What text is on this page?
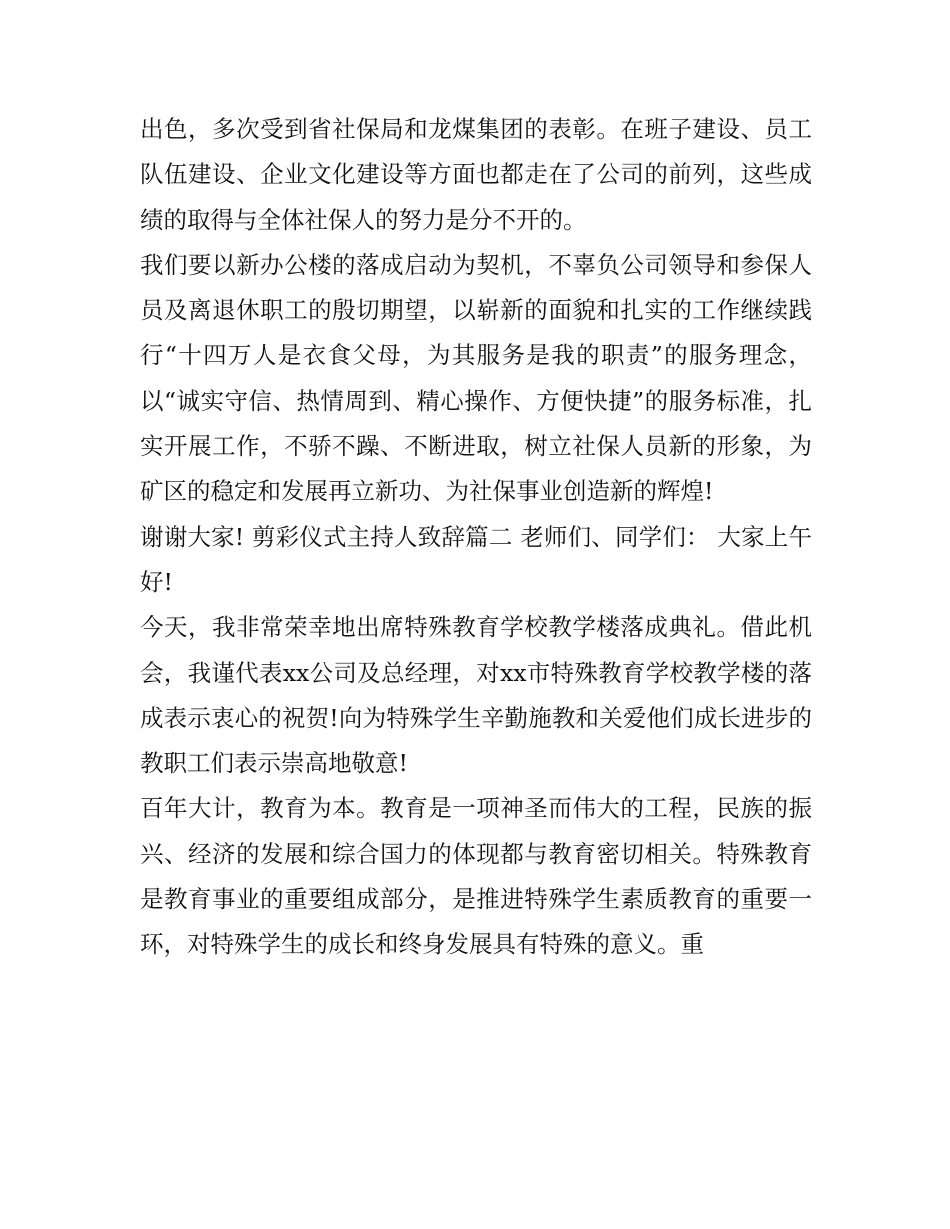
出色，多次受到省社保局和龙煤集团的表彰。在班子建设、员工队伍建设、企业文化建设等方面也都走在了公司的前列，这些成绩的取得与全体社保人的努力是分不开的。

我们要以新办公楼的落成启动为契机，不辜负公司领导和参保人员及离退休职工的殷切期望，以崭新的面貌和扎实的工作继续践行“十四万人是衣食父母，为其服务是我的职责”的服务理念，以“诚实守信、热情周到、精心操作、方便快捷”的服务标准，扎实开展工作，不骄不躁、不断进取，树立社保人员新的形象，为矿区的稳定和发展再立新功、为社保事业创造新的辉煌!

谢谢大家! 剪彩仪式主持人致辞篇二 老师们、同学们： 大家上午好!

今天，我非常荣幸地出席特殊教育学校教学楼落成典礼。借此机会，我谨代表xx公司及总经理，对xx市特殊教育学校教学楼的落成表示衷心的祝贺!向为特殊学生辛勤施教和关爱他们成长进步的教职工们表示崇高地敬意!

百年大计，教育为本。教育是一项神圣而伟大的工程，民族的振兴、经济的发展和综合国力的体现都与教育密切相关。特殊教育是教育事业的重要组成部分，是推进特殊学生素质教育的重要一环，对特殊学生的成长和终身发展具有特殊的意义。重
